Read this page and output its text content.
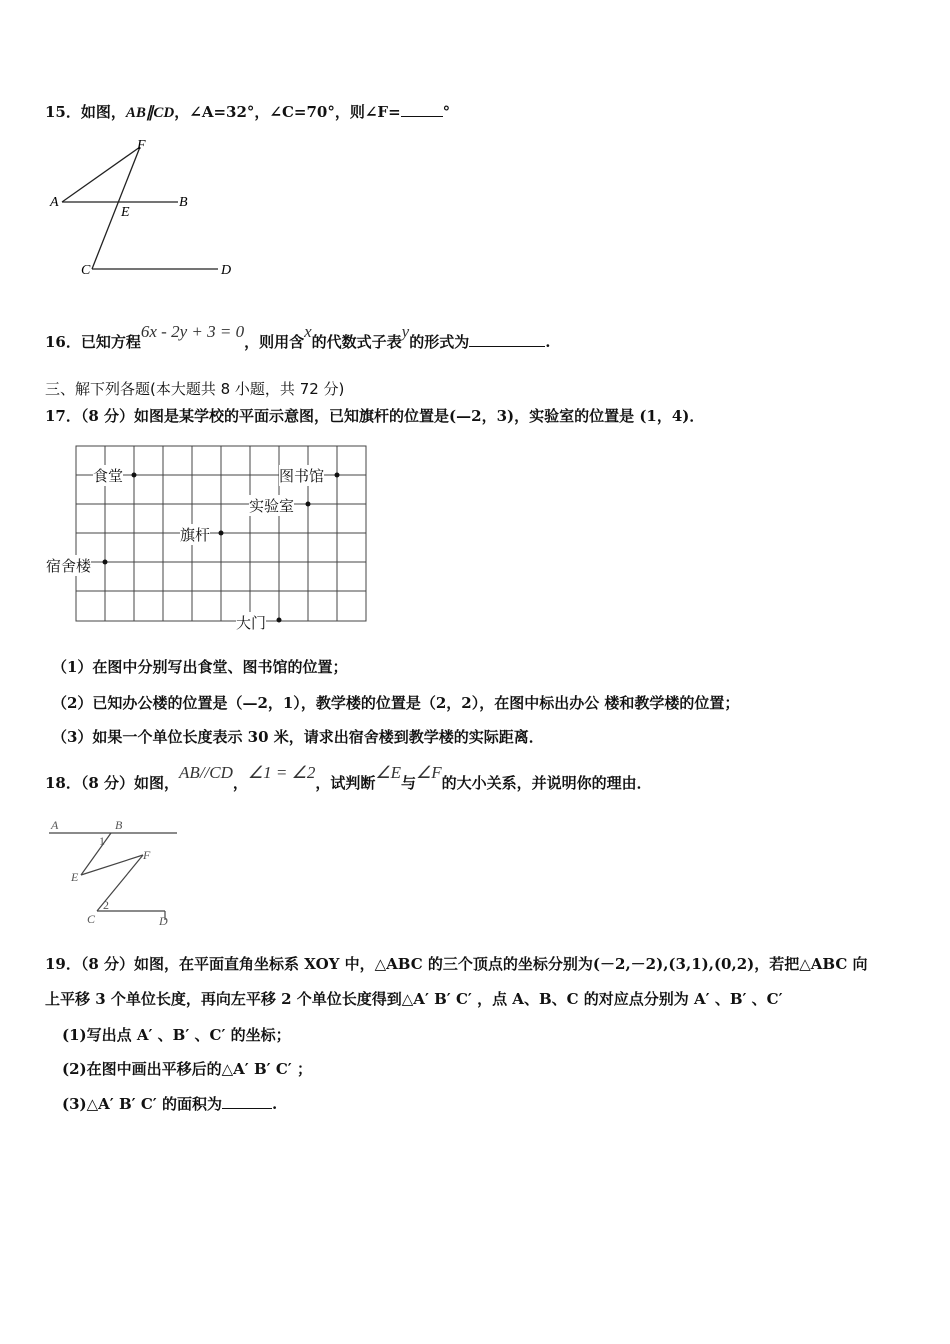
15．如图，AB∥CD，∠A=32°，∠C=70°，则∠F=	°
F
A
E
B
C	D
16．已知方程6x - 2y + 3 = 0，则用含x的代数式子表y的形式为	.
三、解下列各题(本大题共 8 小题，共 72 分)
17．（8 分）如图是某学校的平面示意图，已知旗杆的位置是(—2，3)，实验室的位置是 (1，4)．
食堂	图书馆
实验室
旗杆
宿舍楼
大门
（1）在图中分别写出食堂、图书馆的位置；
（2）已知办公楼的位置是（—2，1），教学楼的位置是（2，2），在图中标出办公 楼和教学楼的位置；
（3）如果一个单位长度表示 30 米，请求出宿舍楼到教学楼的实际距离．
18．（8 分）如图，AB//CD，∠1 = ∠2，试判断∠E与∠F的大小关系，并说明你的理由．
A	B
1
E
F
C
2
D
19．（8 分）如图，在平面直角坐标系 XOY 中，△ABC 的三个顶点的坐标分别为(－2,－2),(3,1),(0,2)，若把△ABC 向
上平移 3 个单位长度，再向左平移 2 个单位长度得到△A′ B′ C′ ，点 A、B、C 的对应点分别为 A′ 、B′ 、C′
(1)写出点 A′ 、B′ 、C′ 的坐标；
(2)在图中画出平移后的△A′ B′ C′ ；
(3)△A′ B′ C′ 的面积为	.
